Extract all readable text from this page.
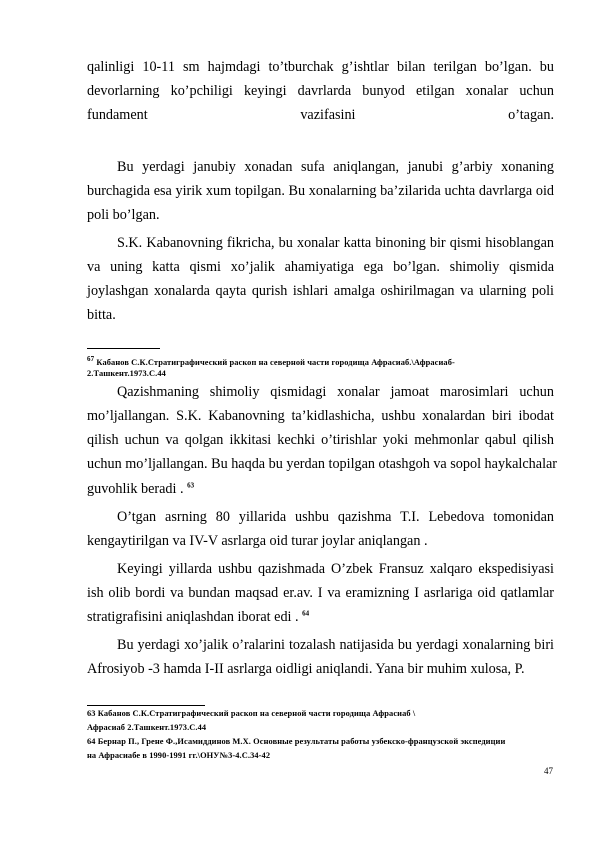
qalinligi 10-11 sm hajmdagi to’tburchak g’ishtlar bilan terilgan bo’lgan. bu
devorlarning ko’pchiligi keyingi davrlarda bunyod etilgan xonalar uchun
fundament vazifasini o’tagan.
Bu yerdagi janubiy xonadan sufa aniqlangan, janubi g’arbiy xonaning
burchagida esa yirik xum topilgan. Bu xonalarning ba’zilarida uchta davrlarga oid
poli bo’lgan.
S.K. Kabanovning fikricha, bu xonalar katta binoning bir qismi hisoblangan
va uning katta qismi xo’jalik ahamiyatiga ega bo’lgan. shimoliy qismida
joylashgan xonalarda qayta qurish ishlari amalga oshirilmagan va ularning poli
bitta.
$^{67}$ Кабанов С.К.Стратиграфический раскоп на северной части городища Афрасиаб.\Афрасиаб-
2.Ташкент.1973.С.44
Qazishmaning shimoliy qismidagi xonalar jamoat marosimlari uchun
mo’ljallangan. S.K. Kabanovning ta’kidlashicha, ushbu xonalardan biri ibodat
qilish uchun va qolgan ikkitasi kechki o’tirishlar yoki mehmonlar qabul qilish
uchun mo’ljallangan. Bu haqda bu yerdan topilgan otashgoh va sopol haykalchalar
guvohlik beradi . $^{63}$
O’tgan asrning 80 yillarida ushbu qazishma T.I. Lebedova tomonidan
kengaytirilgan va IV-V asrlarga oid turar joylar aniqlangan .
Keyingi yillarda ushbu qazishmada O’zbek Fransuz xalqaro ekspedisiyasi
ish olib bordi va bundan maqsad er.av. I va eramizning I asrlariga oid qatlamlar
stratigrafisini aniqlashdan iborat edi . $^{64}$
Bu yerdagi xo’jalik o’ralarini tozalash natijasida bu yerdagi xonalarning biri
Afrosiyob -3 hamda I-II asrlarga oidligi aniqlandi. Yana bir muhim xulosa, P.
63 Кабанов С.К.Стратиграфический раскоп на северной части городища Афрасиаб \
Афрасиаб 2.Ташкент.1973.С.44
64 Бернар П., Грене Ф.,Исамиддинов М.Х. Основные результаты работы узбекско-французской экспедиции
на Афрасиабе в 1990-1991 гг.\ОНУ№3-4.С.34-42
47
